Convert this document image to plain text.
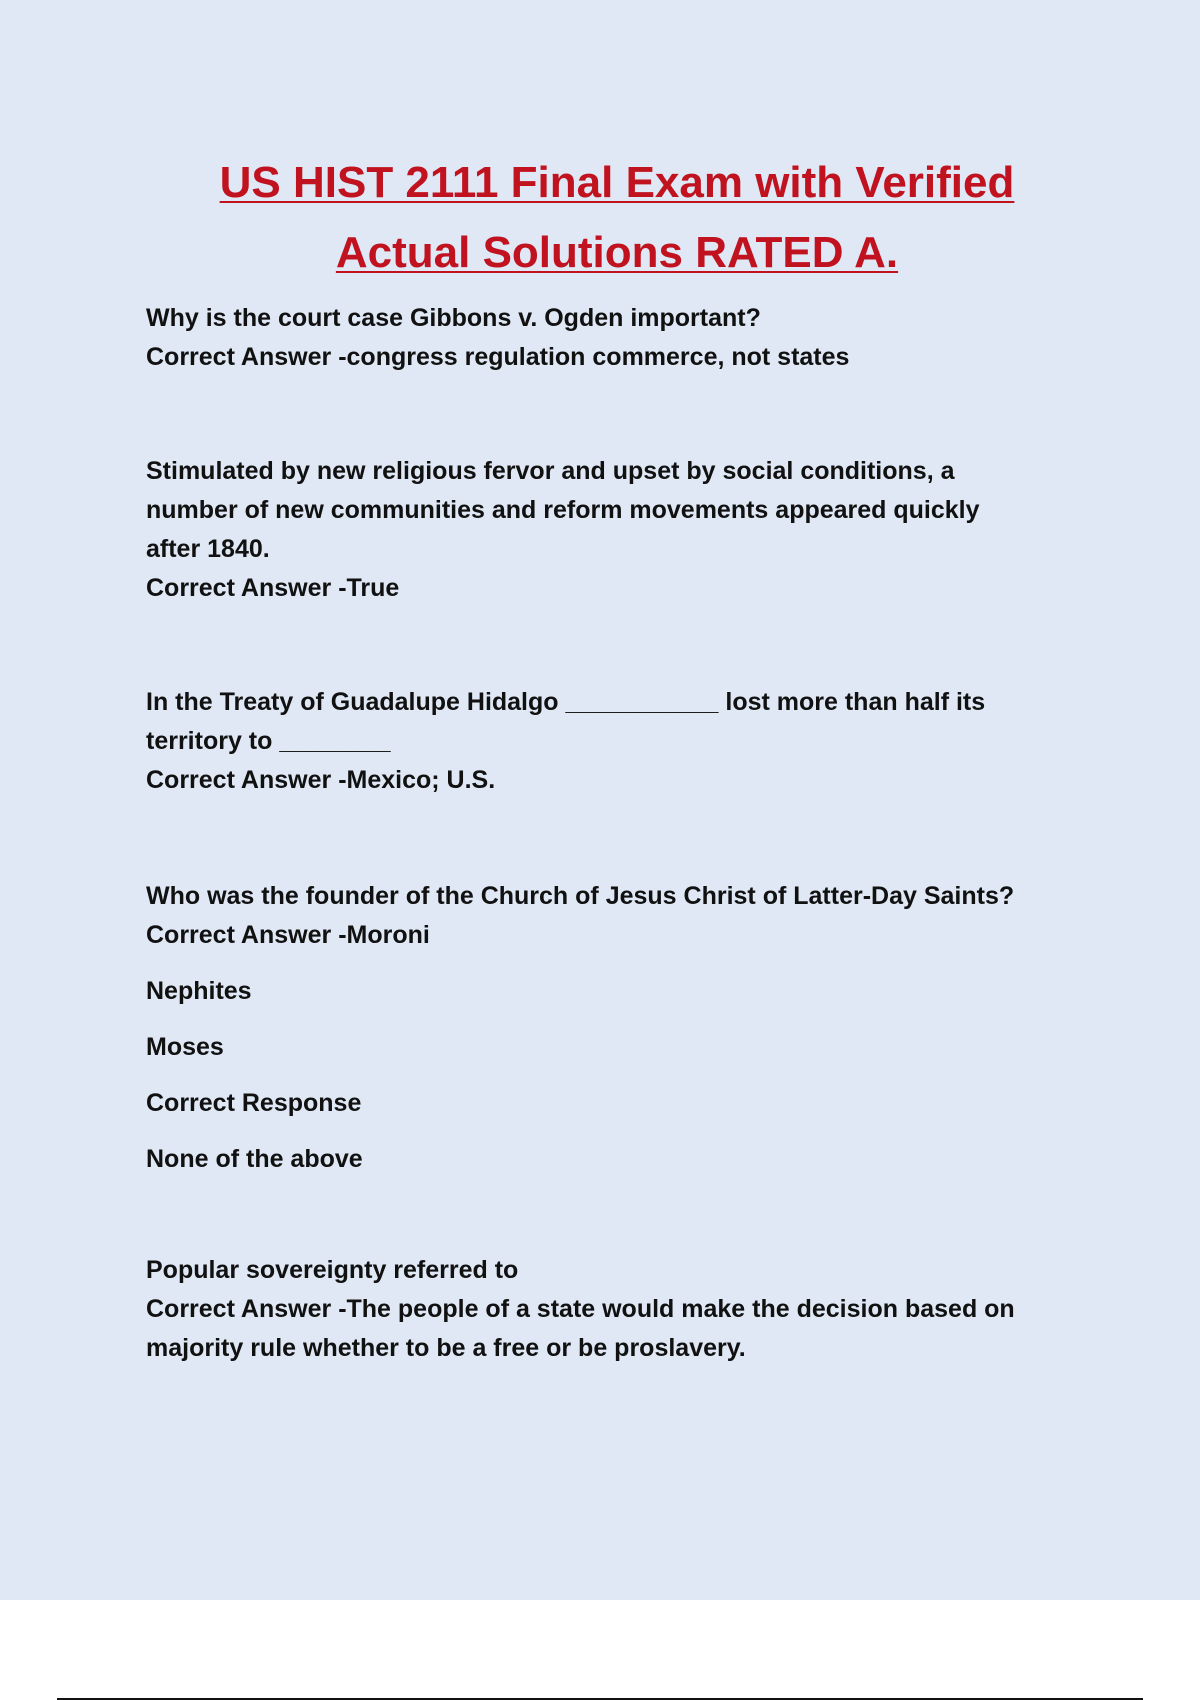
US HIST 2111 Final Exam with Verified
Actual Solutions RATED A.
Why is the court case Gibbons v. Ogden important?
Correct Answer -congress regulation commerce, not states
Stimulated by new religious fervor and upset by social conditions, a
number of new communities and reform movements appeared quickly
after 1840.
Correct Answer -True
In the Treaty of Guadalupe Hidalgo ___________ lost more than half its
territory to ________
Correct Answer -Mexico; U.S.
Who was the founder of the Church of Jesus Christ of Latter-Day Saints?
Correct Answer -Moroni
Nephites
Moses
Correct Response
None of the above
Popular sovereignty referred to
Correct Answer -The people of a state would make the decision based on
majority rule whether to be a free or be proslavery.
